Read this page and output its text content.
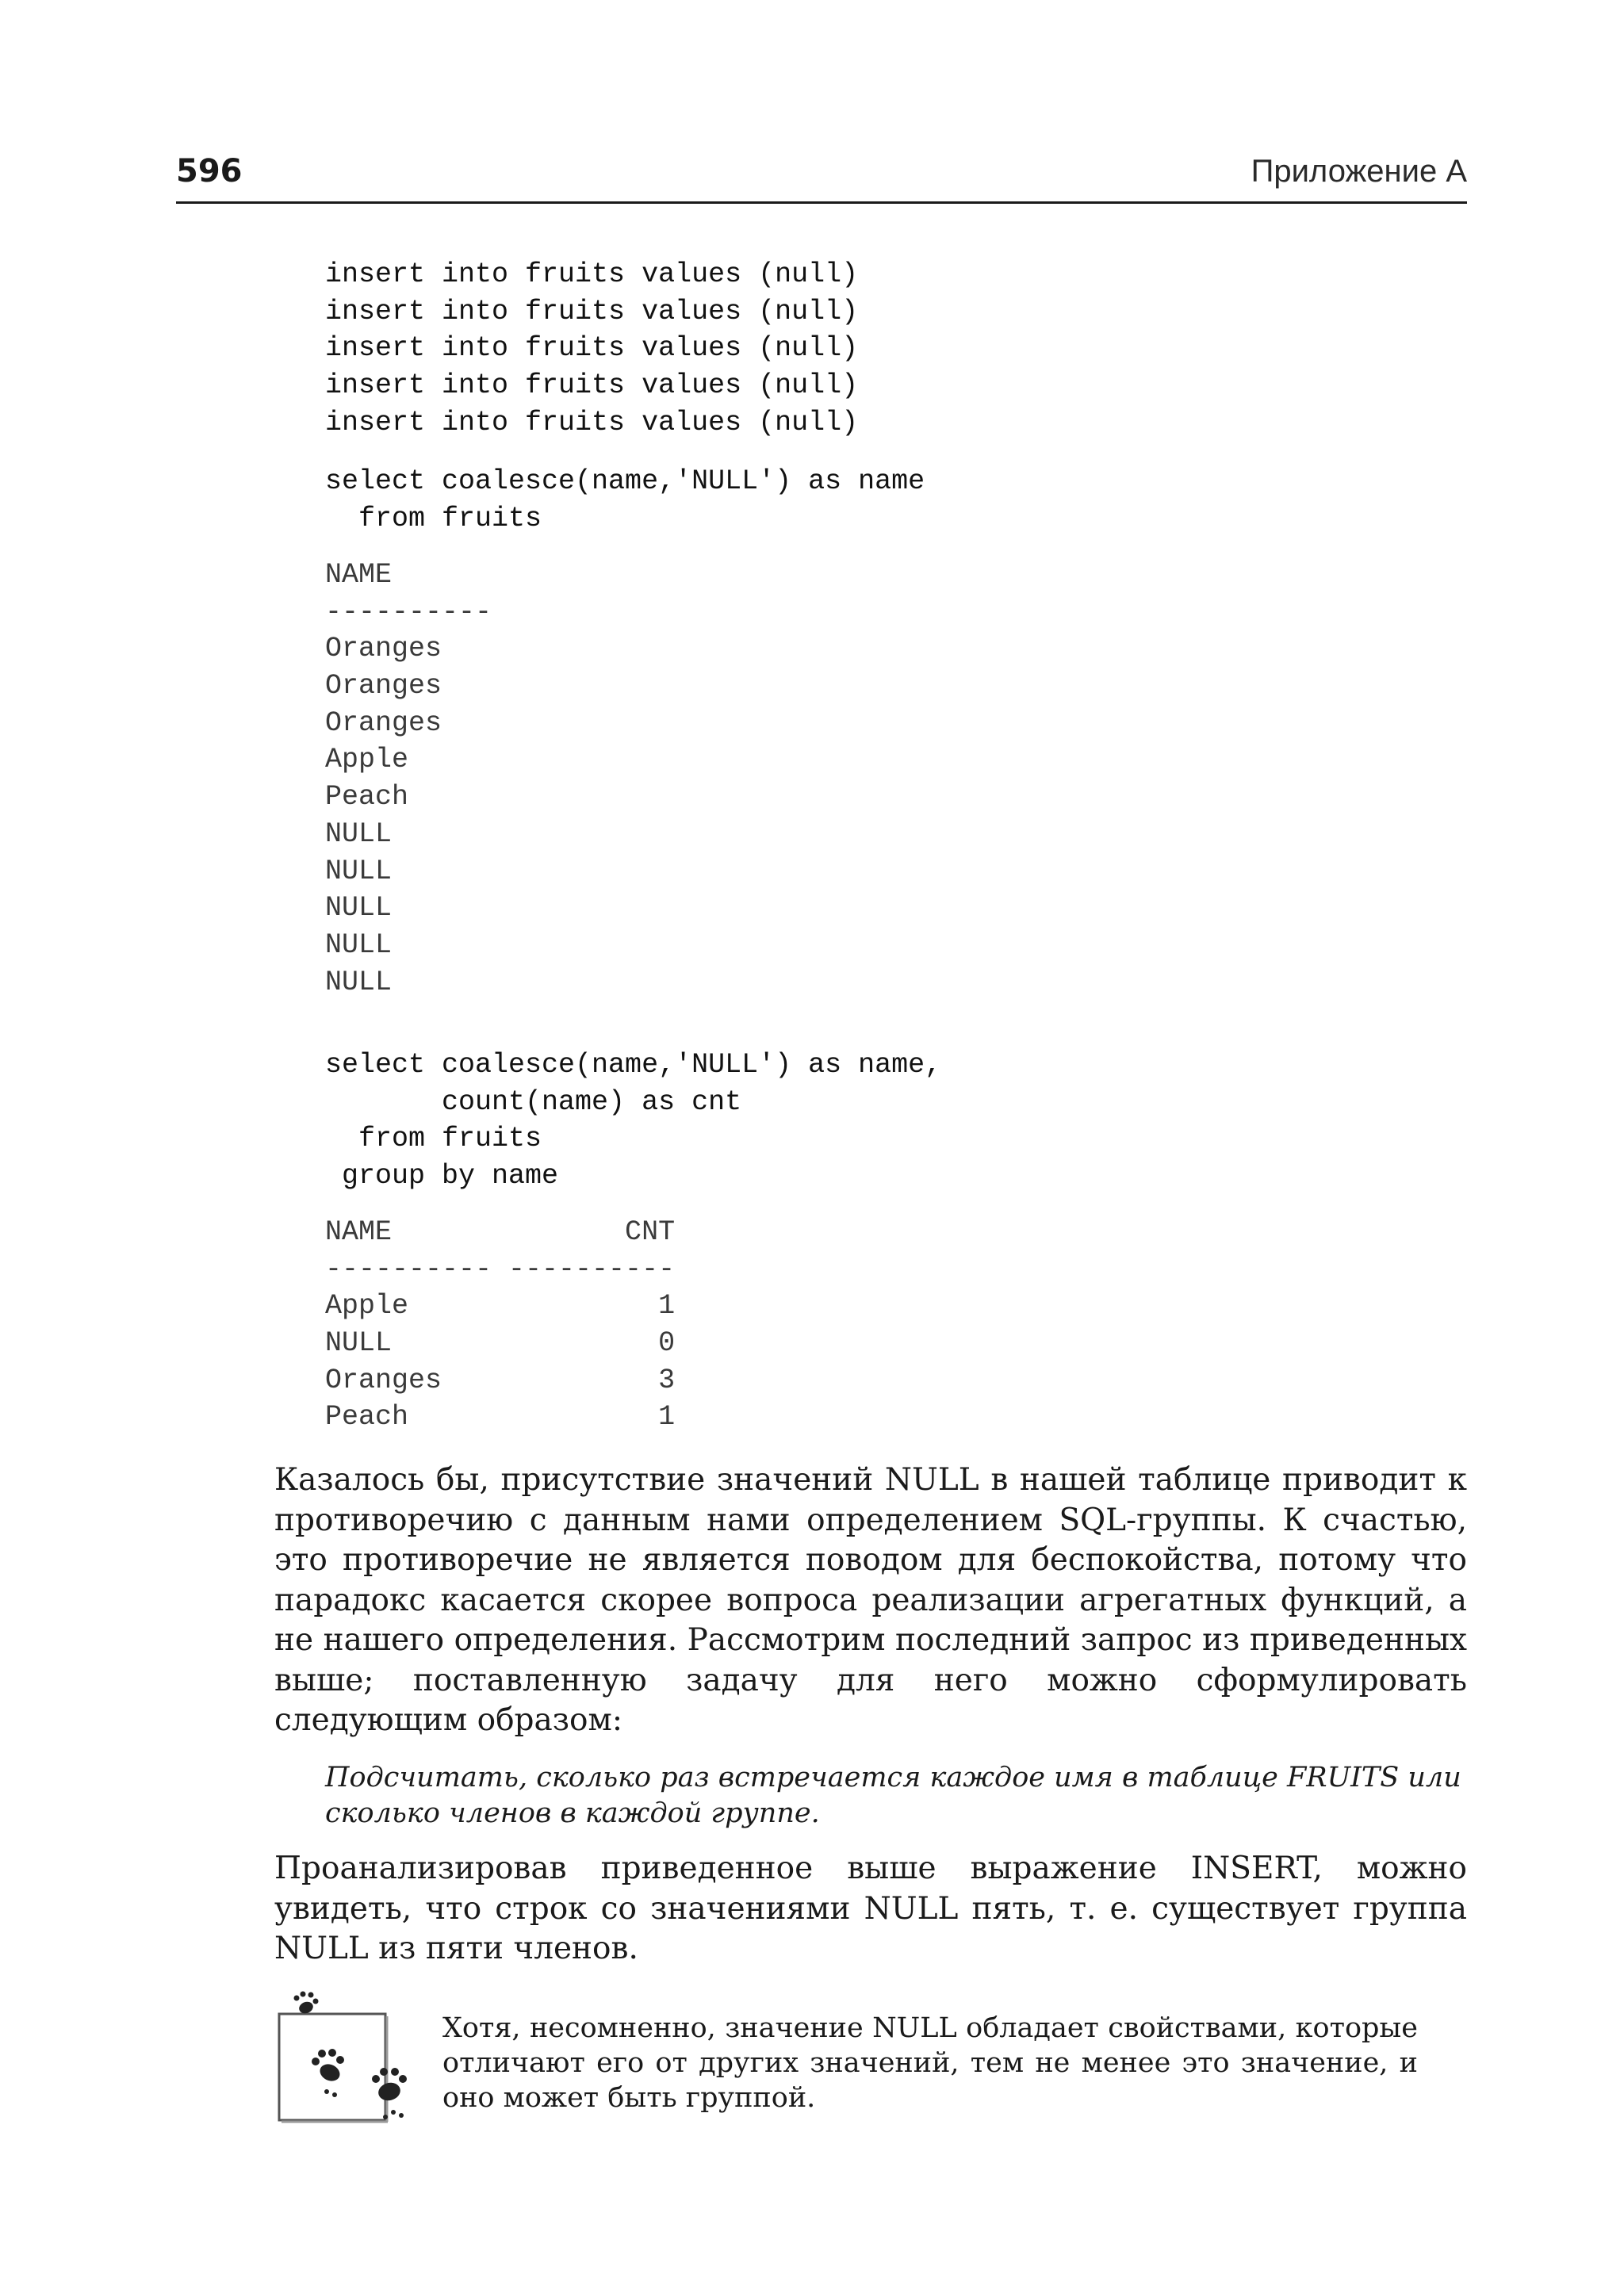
596	Приложение А
insert into fruits values (null)
insert into fruits values (null)
insert into fruits values (null)
insert into fruits values (null)
insert into fruits values (null)
select coalesce(name,'NULL') as name
from fruits
NAME
----------
Oranges
Oranges
Oranges
Apple
Peach
NULL
NULL
NULL
NULL
NULL
select coalesce(name,'NULL') as name,
count(name) as cnt
from fruits
group by name
NAME              CNT
---------- ----------
Apple               1
NULL                0
Oranges             3
Peach               1

Казалось бы, присутствие значений NULL в нашей таблице приводит к противоречию с данным нами определением SQL-группы. К счастью, это противоречие не является поводом для беспокойства, потому что парадокс касается скорее вопроса реализации агрегатных функций, а не нашего определения. Рассмотрим последний запрос из приведенных выше; поставленную задачу для него можно сформулировать следующим образом:

Подсчитать, сколько раз встречается каждое имя в таблице FRUITS или сколько членов в каждой группе.

Проанализировав приведенное выше выражение INSERT, можно увидеть, что строк со значениями NULL пять, т. е. существует группа NULL из пяти членов.

Хотя, несомненно, значение NULL обладает свойствами, которые отличают его от других значений, тем не менее это значение, и оно может быть группой.
